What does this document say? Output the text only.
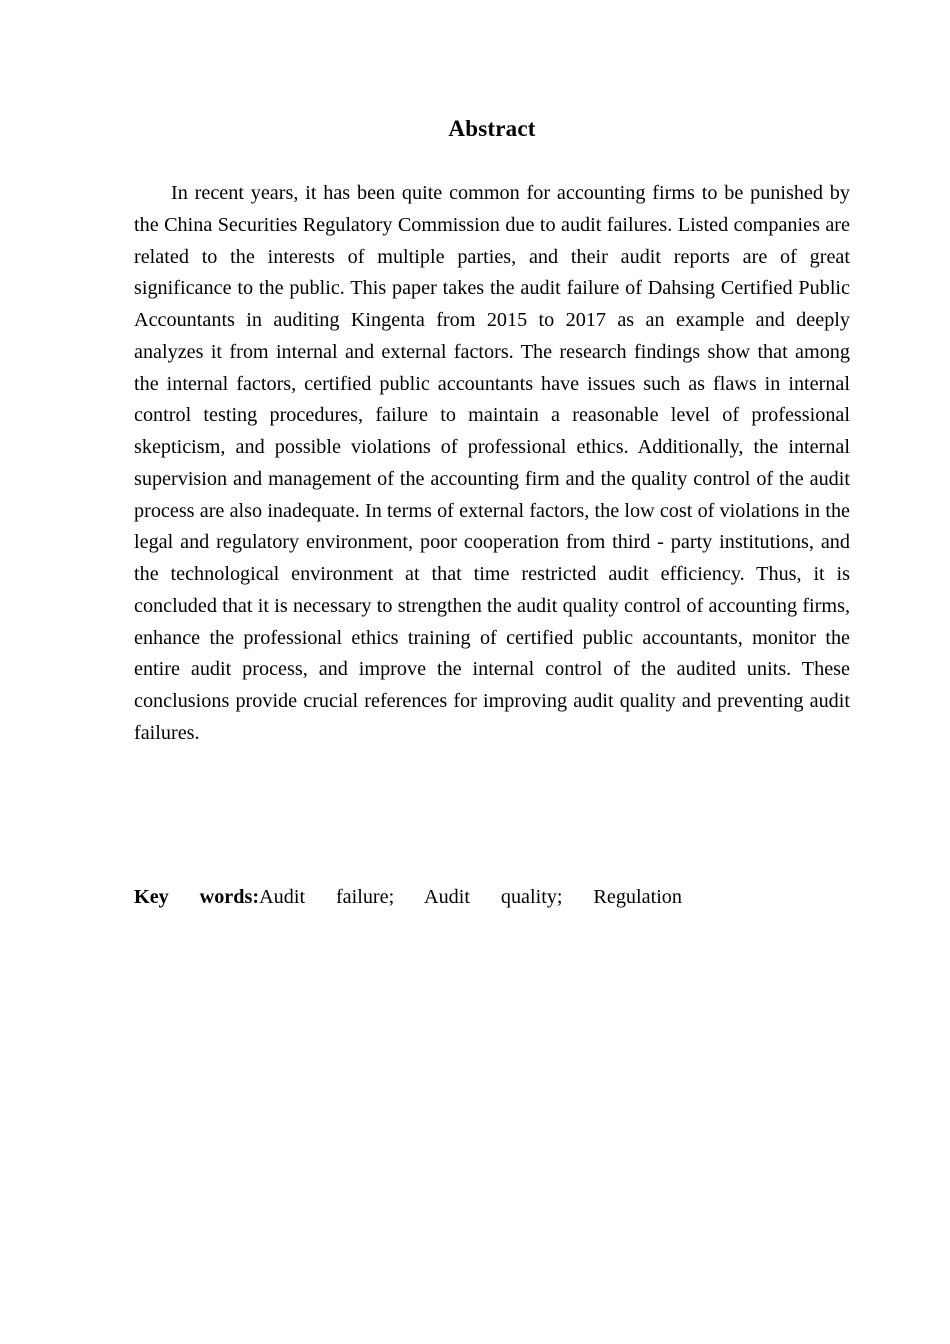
Abstract

In recent years, it has been quite common for accounting firms to be punished by the China Securities Regulatory Commission due to audit failures. Listed companies are related to the interests of multiple parties, and their audit reports are of great significance to the public. This paper takes the audit failure of Dahsing Certified Public Accountants in auditing Kingenta from 2015 to 2017 as an example and deeply analyzes it from internal and external factors. The research findings show that among the internal factors, certified public accountants have issues such as flaws in internal control testing procedures, failure to maintain a reasonable level of professional skepticism, and possible violations of professional ethics. Additionally, the internal supervision and management of the accounting firm and the quality control of the audit process are also inadequate. In terms of external factors, the low cost of violations in the legal and regulatory environment, poor cooperation from third - party institutions, and the technological environment at that time restricted audit efficiency. Thus, it is concluded that it is necessary to strengthen the audit quality control of accounting firms, enhance the professional ethics training of certified public accountants, monitor the entire audit process, and improve the internal control of the audited units. These conclusions provide crucial references for improving audit quality and preventing audit failures.

Key words:Audit failure; Audit quality; Regulation
